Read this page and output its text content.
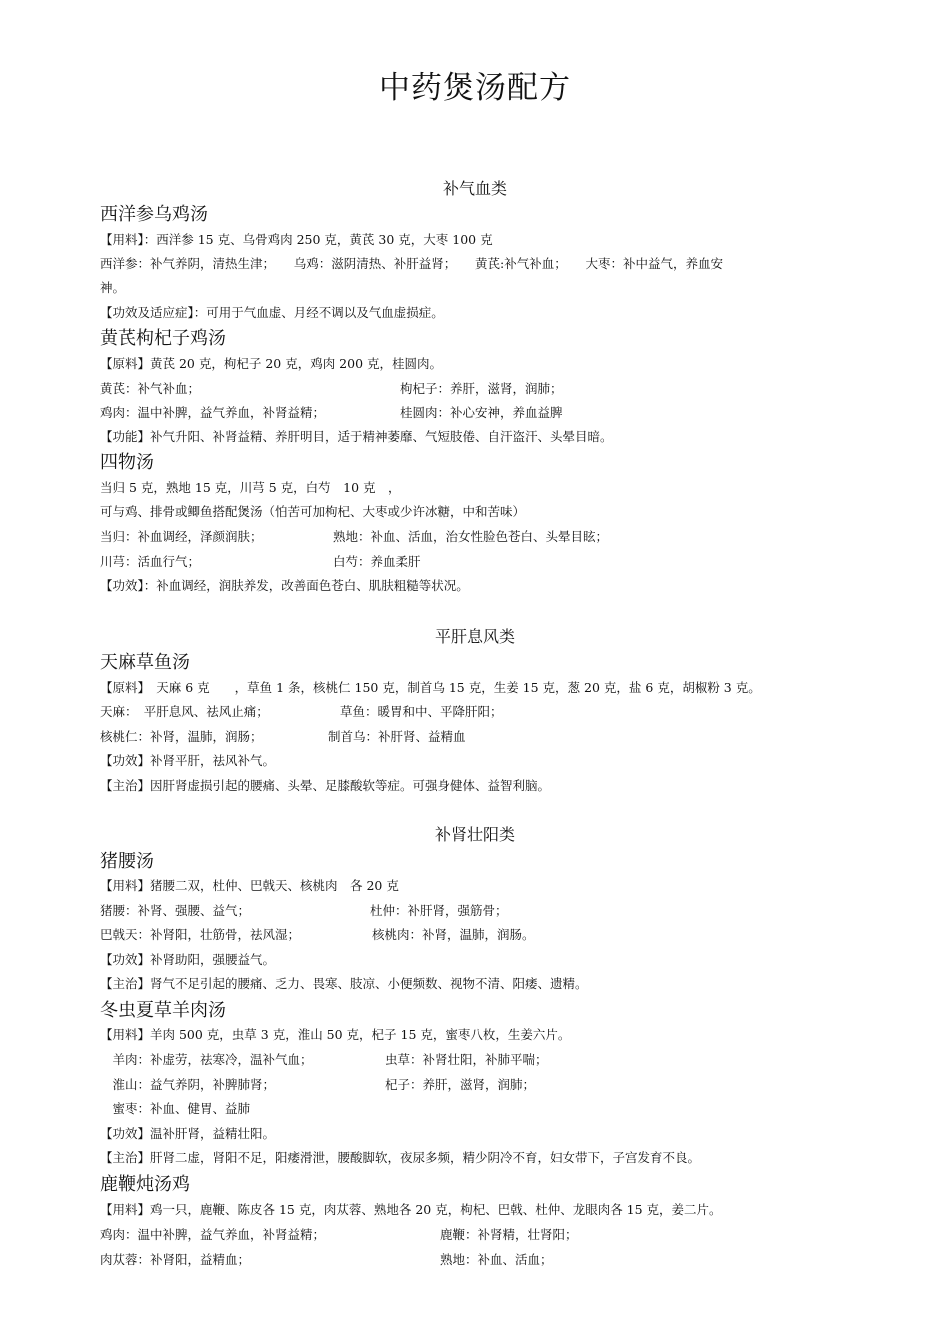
中药煲汤配方
补气血类
西洋参乌鸡汤
【用料】：西洋参 15 克、乌骨鸡肉 250 克，黄芪 30 克，大枣 100 克
西洋参：补气养阴，清热生津；　　乌鸡：滋阴清热、补肝益肾；　　黄芪:补气补血；　　大枣：补中益气，养血安
神。
【功效及适应症】：可用于气血虚、月经不调以及气血虚损症。
黄芪枸杞子鸡汤
【原料】黄芪 20 克，枸杞子 20 克，鸡肉 200 克，桂圆肉。
黄芪：补气补血；	枸杞子：养肝，滋肾，润肺；
鸡肉：温中补脾，益气养血，补肾益精；	桂圆肉：补心安神，养血益脾
【功能】补气升阳、补肾益精、养肝明目，适于精神萎靡、气短肢倦、自汗盗汗、头晕目暗。
四物汤
当归 5 克，熟地 15 克，川芎 5 克，白芍　10 克　，
可与鸡、排骨或鲫鱼搭配煲汤（怕苦可加枸杞、大枣或少许冰糖，中和苦味）
当归：补血调经，泽颜润肤；	熟地：补血、活血，治女性脸色苍白、头晕目眩；
川芎：活血行气；	白芍：养血柔肝
【功效】：补血调经，润肤养发，改善面色苍白、肌肤粗糙等状况。
平肝息风类
天麻草鱼汤
【原料】　天麻 6 克　　，草鱼 1 条，核桃仁 150 克，制首乌 15 克，生姜 15 克，葱 20 克，盐 6 克，胡椒粉 3 克。
天麻：　平肝息风、祛风止痛；	草鱼：暖胃和中、平降肝阳；
核桃仁：补肾，温肺，润肠；	制首乌：补肝肾、益精血
【功效】补肾平肝，祛风补气。
【主治】因肝肾虚损引起的腰痛、头晕、足膝酸软等症。可强身健体、益智利脑。
补肾壮阳类
猪腰汤
【用料】猪腰二双，杜仲、巴戟天、核桃肉　各 20 克
猪腰：补肾、强腰、益气；	杜仲：补肝肾，强筋骨；
巴戟天：补肾阳，壮筋骨，祛风湿；	核桃肉：补肾，温肺，润肠。
【功效】补肾助阳，强腰益气。
【主治】肾气不足引起的腰痛、乏力、畏寒、肢凉、小便频数、视物不清、阳痿、遗精。
冬虫夏草羊肉汤
【用料】羊肉 500 克，虫草 3 克，淮山 50 克，杞子 15 克，蜜枣八枚，生姜六片。
　羊肉：补虚劳，祛寒冷，温补气血；	虫草：补肾壮阳，补肺平喘；
　淮山：益气养阴，补脾肺肾；	杞子：养肝，滋肾，润肺；
　蜜枣：补血、健胃、益肺
【功效】温补肝肾，益精壮阳。
【主治】肝肾二虚，肾阳不足，阳痿滑泄，腰酸脚软，夜尿多频，精少阴冷不育，妇女带下，子宫发育不良。
鹿鞭炖汤鸡
【用料】鸡一只，鹿鞭、陈皮各 15 克，肉苁蓉、熟地各 20 克，枸杞、巴戟、杜仲、龙眼肉各 15 克，姜二片。
鸡肉：温中补脾，益气养血，补肾益精；	鹿鞭：补肾精，壮肾阳；
肉苁蓉：补肾阳，益精血；	熟地：补血、活血；
